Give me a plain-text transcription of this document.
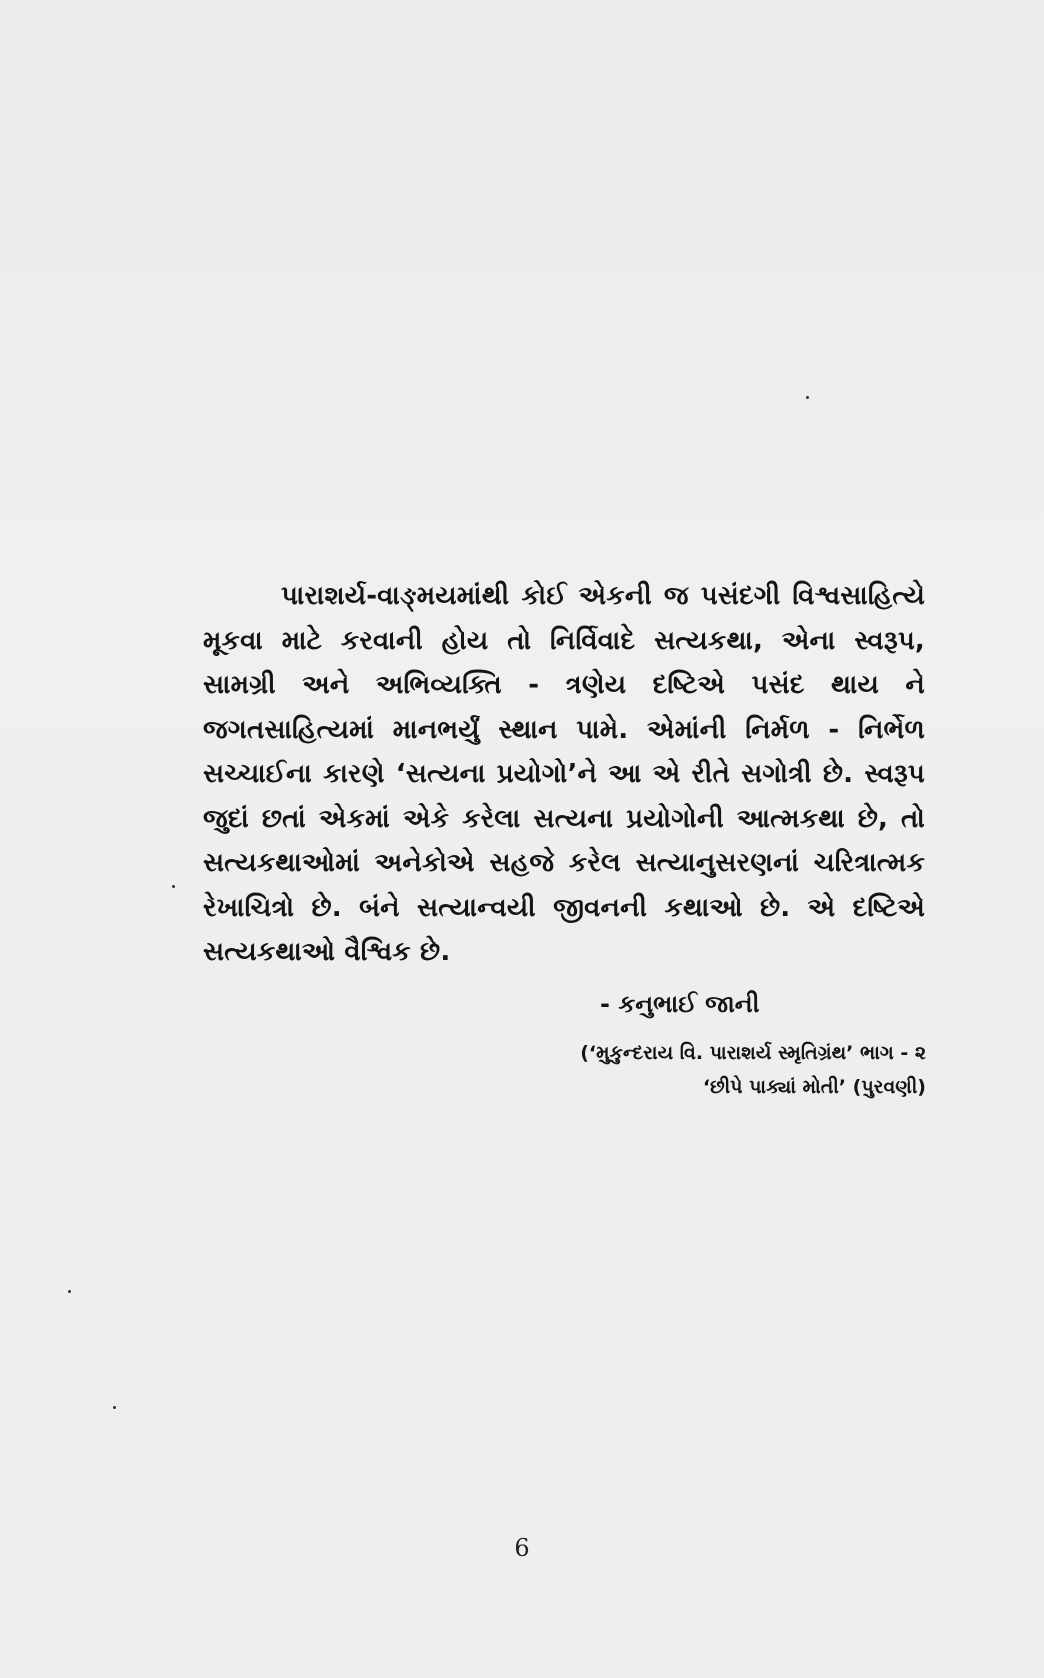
પારાશર્ય-વાઙ્મયમાંથી કોઈ એકની જ પસંદગી વિશ્વસાહિત્યે મૂકવા માટે કરવાની હોય તો નિર્વિવાદે સત્યકથા, એના સ્વરૂપ, સામગ્રી અને અભિવ્યક્તિ - ત્રણેય દષ્ટિએ પસંદ થાય ને જગતસાહિત્યમાં માનભર્યું સ્થાન પામે. એમાંની નિર્મળ - નિર્ભેળ સચ્ચાઈના કારણે ‘સત્યના પ્રયોગો’ને આ એ રીતે સગોત્રી છે. સ્વરૂપ જુદાં છતાં એકમાં એકે કરેલા સત્યના પ્રયોગોની આત્મકથા છે, તો સત્યકથાઓમાં અનેકોએ સહજે કરેલ સત્યાનુસરણનાં ચરિત્રાત્મક રેખાચિત્રો છે. બંને સત્યાન્વયી જીવનની કથાઓ છે. એ દષ્ટિએ સત્યકથાઓ વૈશ્વિક છે.

- કનુભાઈ જાની

(‘મુકુન્દરાય વિ. પારાશર્ય સ્મૃતિગ્રંથ’ ભાગ - ૨
‘છીપે પાક્યાં મોતી’ (પુરવણી)

6
